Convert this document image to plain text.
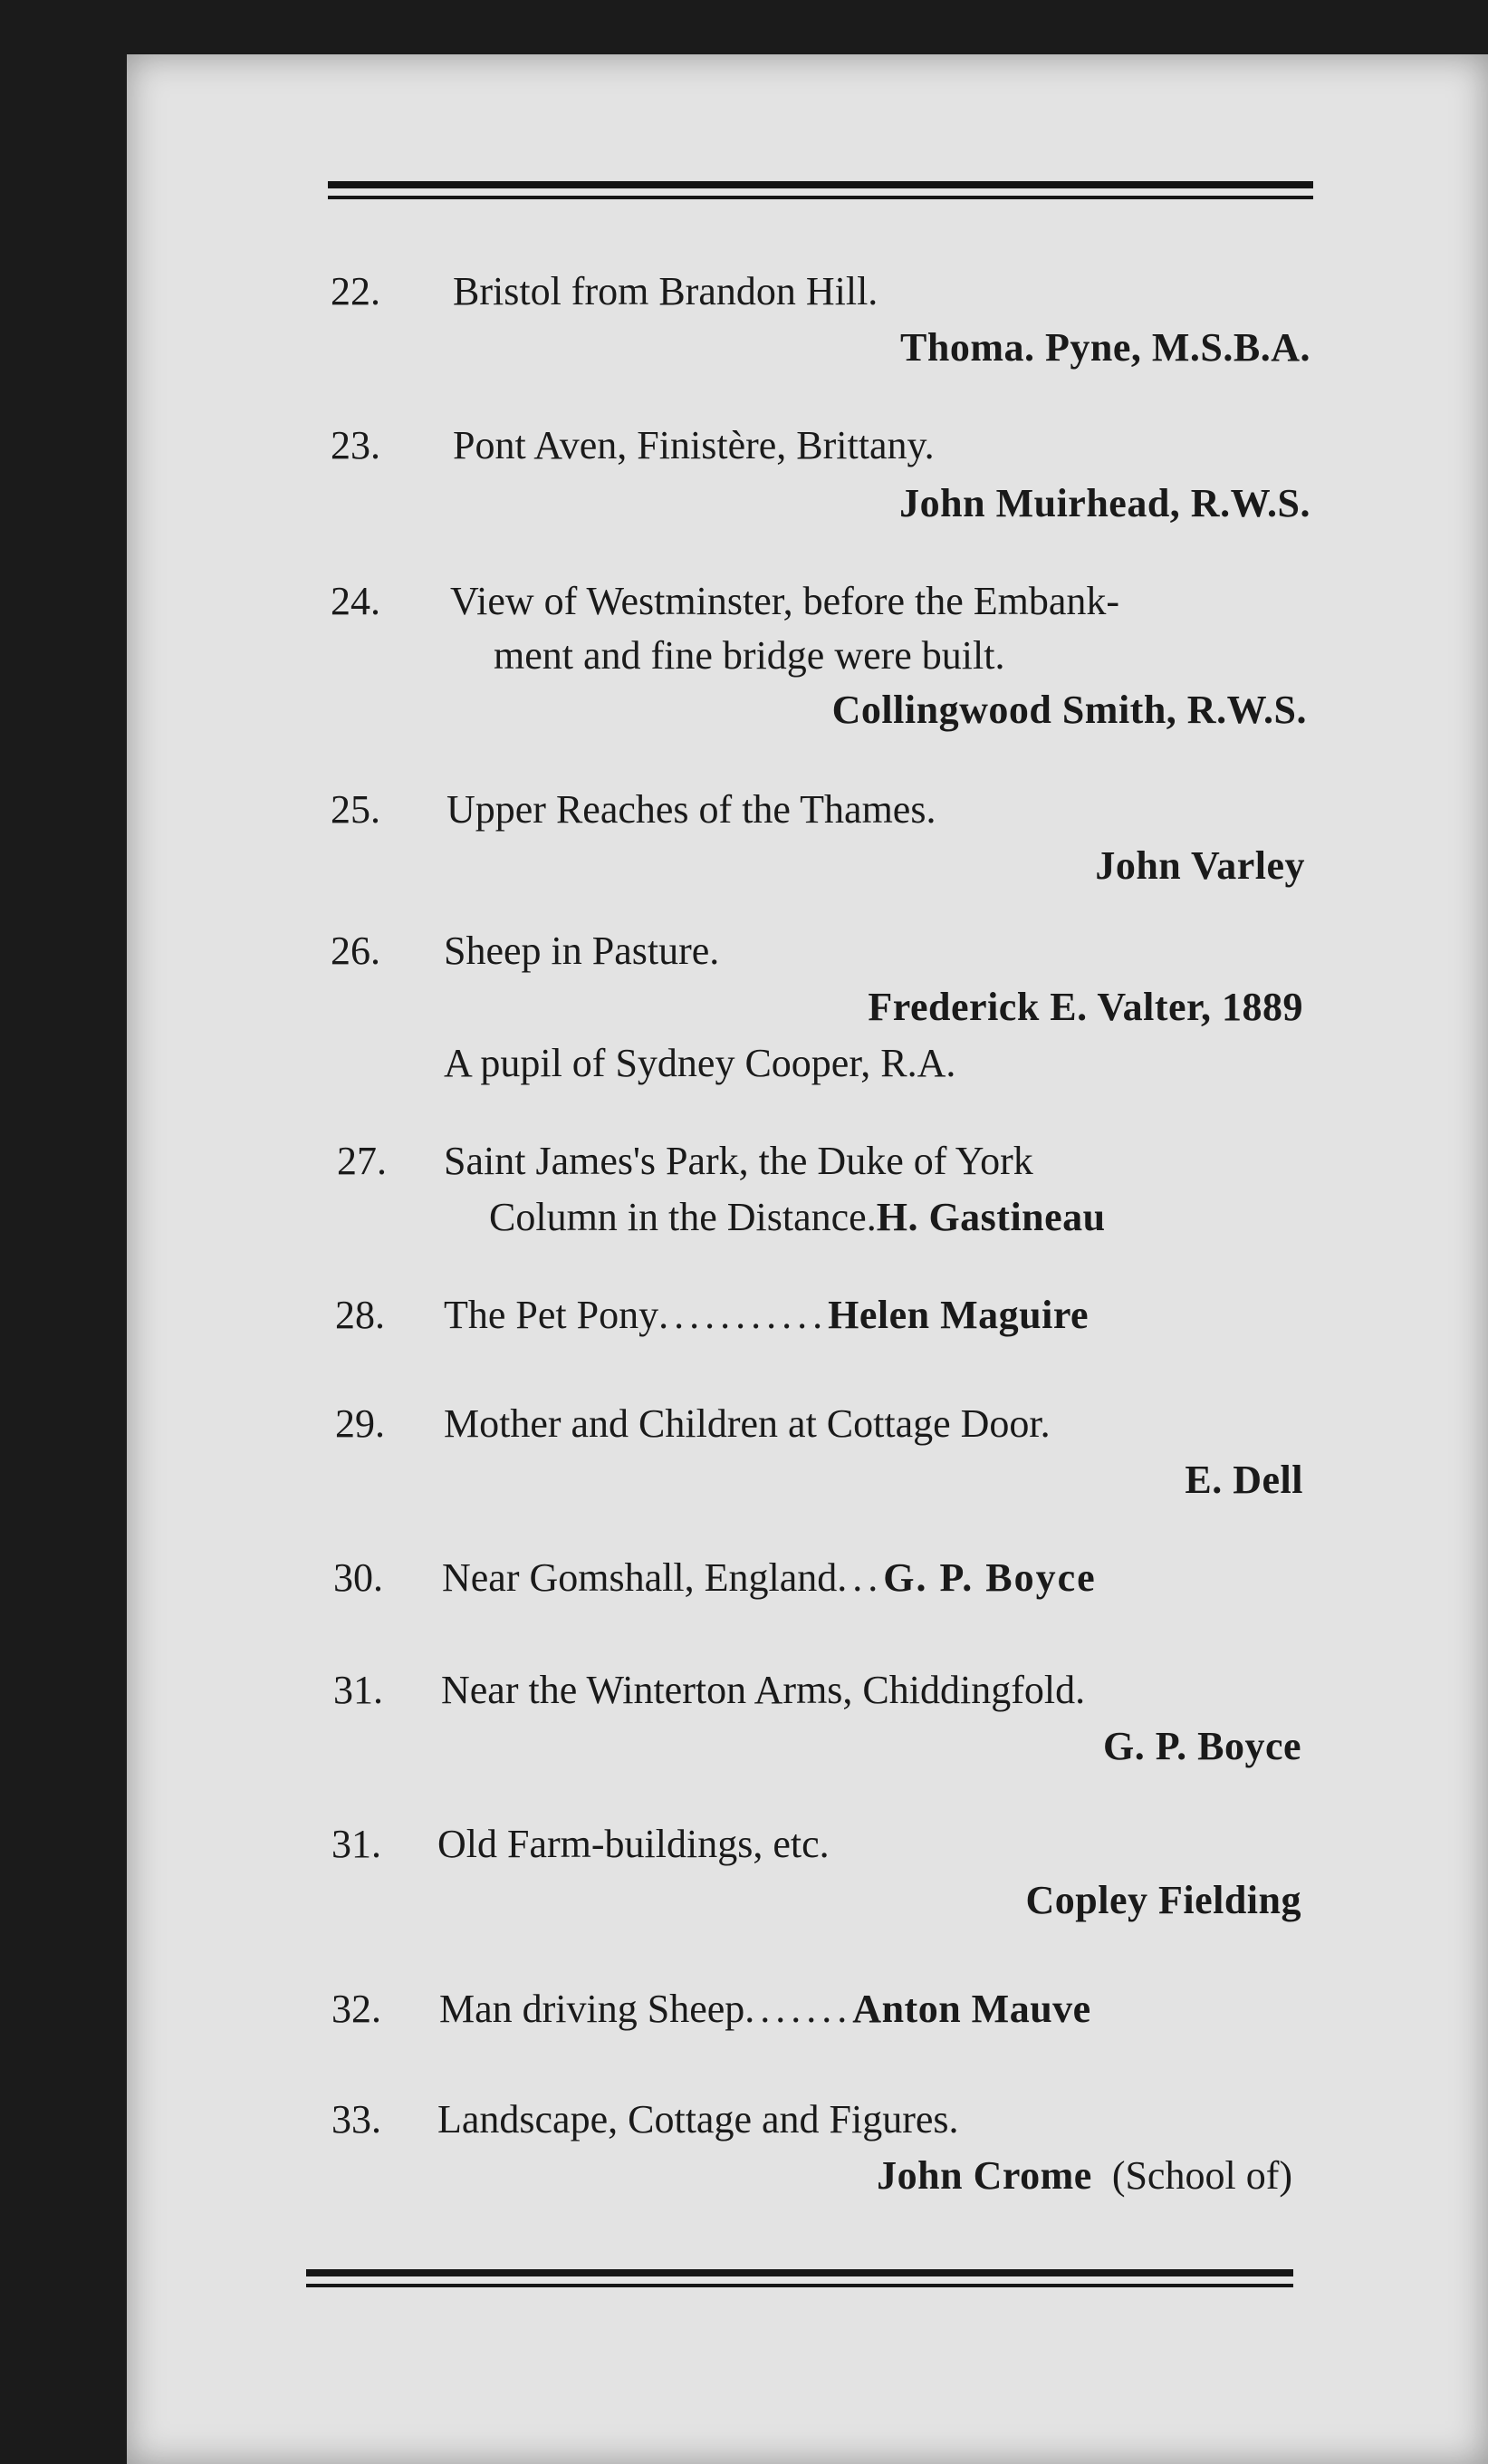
22.	Bristol from Brandon Hill.
Thoma. Pyne, M.S.B.A.
23.	Pont Aven, Finistère, Brittany.
John Muirhead, R.W.S.
24.	View of Westminster, before the Embank-
ment and fine bridge were built.
Collingwood Smith, R.W.S.
25.	Upper Reaches of the Thames.
John Varley
26.	Sheep in Pasture.
Frederick E. Valter, 1889
A pupil of Sydney Cooper, R.A.
27.	Saint James's Park, the Duke of York
Column in the Distance.H. Gastineau
28.	The Pet Pony...........Helen Maguire
29.	Mother and Children at Cottage Door.
E. Dell
30.	Near Gomshall, England...G. P. Boyce
31.	Near the Winterton Arms, Chiddingfold.
G. P. Boyce
31.	Old Farm-buildings, etc.
Copley Fielding
32.	Man driving Sheep.......Anton Mauve
33.	Landscape, Cottage and Figures.
John Crome (School of)
